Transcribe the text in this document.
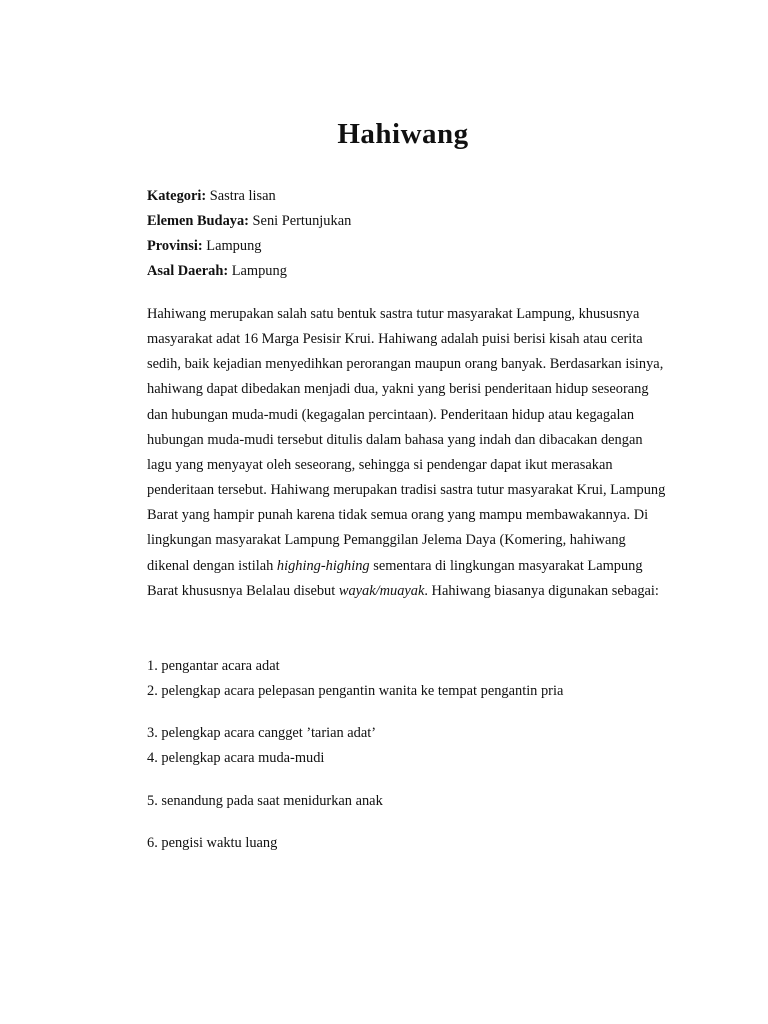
Hahiwang
Kategori: Sastra lisan
Elemen Budaya: Seni Pertunjukan
Provinsi: Lampung
Asal Daerah: Lampung

Hahiwang merupakan salah satu bentuk sastra tutur masyarakat Lampung, khususnya masyarakat adat 16 Marga Pesisir Krui. Hahiwang adalah puisi berisi kisah atau cerita sedih, baik kejadian menyedihkan perorangan maupun orang banyak. Berdasarkan isinya, hahiwang dapat dibedakan menjadi dua, yakni yang berisi penderitaan hidup seseorang dan hubungan muda-mudi (kegagalan percintaan). Penderitaan hidup atau kegagalan hubungan muda-mudi tersebut ditulis dalam bahasa yang indah dan dibacakan dengan lagu yang menyayat oleh seseorang, sehingga si pendengar dapat ikut merasakan penderitaan tersebut. Hahiwang merupakan tradisi sastra tutur masyarakat Krui, Lampung Barat yang hampir punah karena tidak semua orang yang mampu membawakannya. Di lingkungan masyarakat Lampung Pemanggilan Jelema Daya (Komering, hahiwang dikenal dengan istilah highing-highing sementara di lingkungan masyarakat Lampung Barat khususnya Belalau disebut wayak/muayak. Hahiwang biasanya digunakan sebagai:

1. pengantar acara adat
2. pelengkap acara pelepasan pengantin wanita ke tempat pengantin pria
3. pelengkap acara cangget ’tarian adat’
4. pelengkap acara muda-mudi
5. senandung pada saat menidurkan anak
6. pengisi waktu luang
